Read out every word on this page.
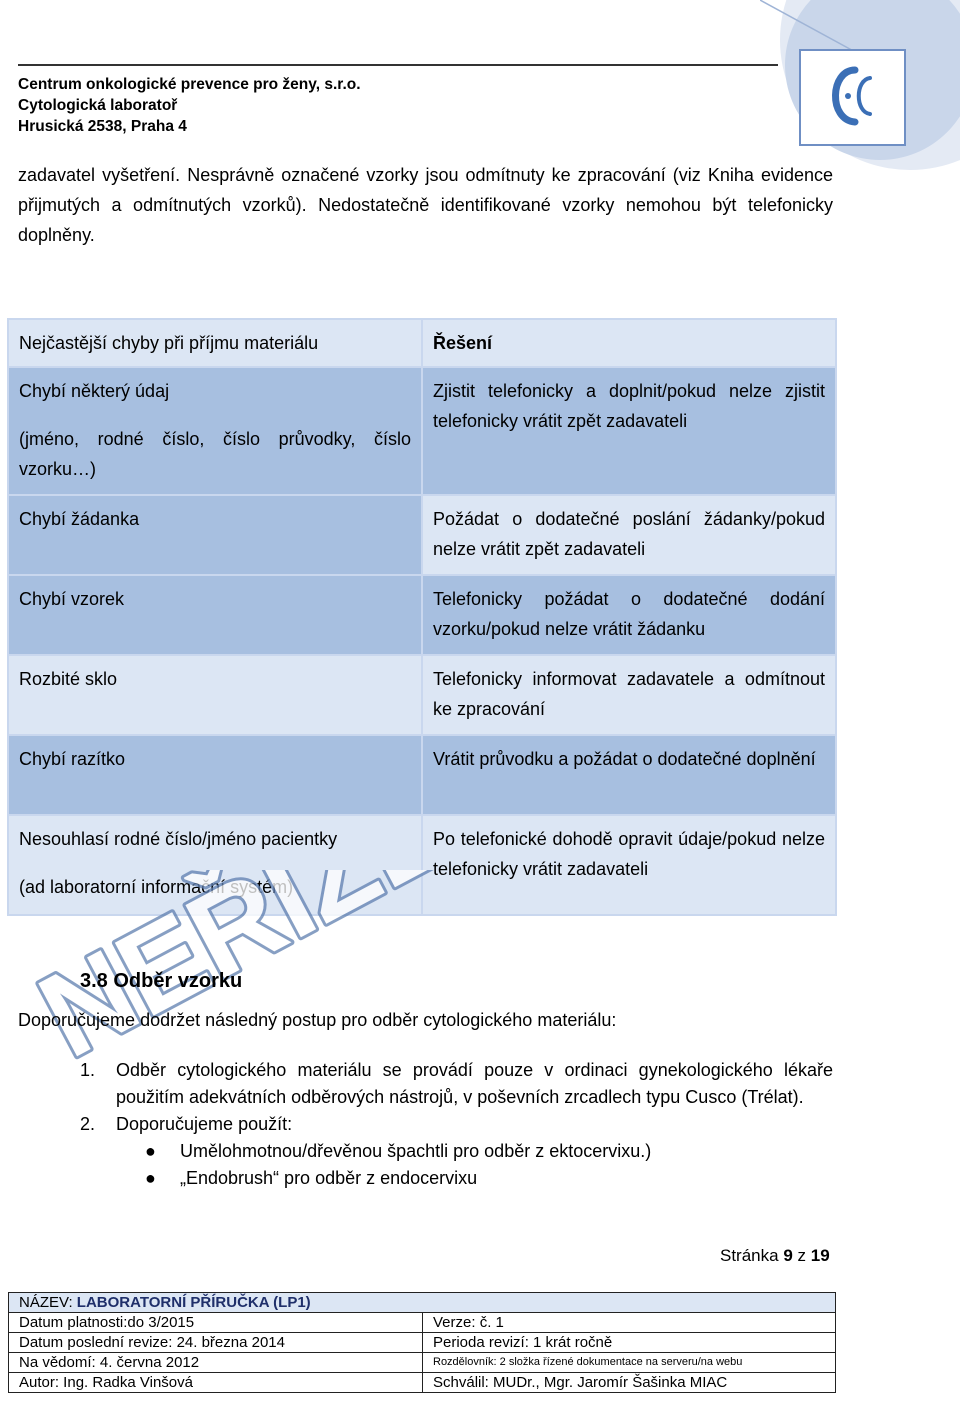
Centrum onkologické prevence pro ženy, s.r.o.
Cytologická laboratoř
Hrusická 2538, Praha 4
zadavatel vyšetření. Nesprávně označené vzorky jsou odmítnuty ke zpracování (viz Kniha evidence přijmutých a odmítnutých vzorků). Nedostatečně identifikované vzorky nemohou být telefonicky doplněny.
Nejčastější chyby při příjmu materiálu	Řešení

Chybí některý údaj
(jméno, rodné číslo, číslo průvodky, číslo vzorku…)	Zjistit telefonicky a doplnit/pokud nelze zjistit telefonicky vrátit zpět zadavateli
Chybí žádanka	Požádat o dodatečné poslání žádanky/pokud nelze vrátit zpět zadavateli
Chybí vzorek	Telefonicky požádat o dodatečné dodání vzorku/pokud nelze vrátit žádanku
Rozbité sklo	Telefonicky informovat zadavatele a odmítnout ke zpracování
Chybí razítko	Vrátit průvodku a požádat o dodatečné doplnění

Nesouhlasí rodné číslo/jméno pacientky
(ad laboratorní informační systém)	Po telefonické dohodě opravit údaje/pokud nelze telefonicky vrátit zadavateli
3.8 Odběr vzorku
Doporučujeme dodržet následný postup pro odběr cytologického materiálu:
1. Odběr cytologického materiálu se provádí pouze v ordinaci gynekologického lékaře použitím adekvátních odběrových nástrojů, v poševních zrcadlech typu Cusco (Trélat).
2. Doporučujeme použít:
● Umělohmotnou/dřevěnou špachtli pro odběr z ektocervixu.)
● „Endobrush“ pro odběr z endocervixu
Stránka 9 z 19
NÁZEV: LABORATORNÍ PŘÍRUČKA (LP1)	
Datum platnosti:do 3/2015	Verze: č. 1
Datum poslední revize: 24. března 2014	Perioda revizí: 1 krát ročně
Na vědomí: 4. června 2012	Rozdělovník: 2 složka řízené dokumentace na serveru/na webu
Autor: Ing. Radka Vinšová	Schválil: MUDr., Mgr. Jaromír Šašinka MIAC
